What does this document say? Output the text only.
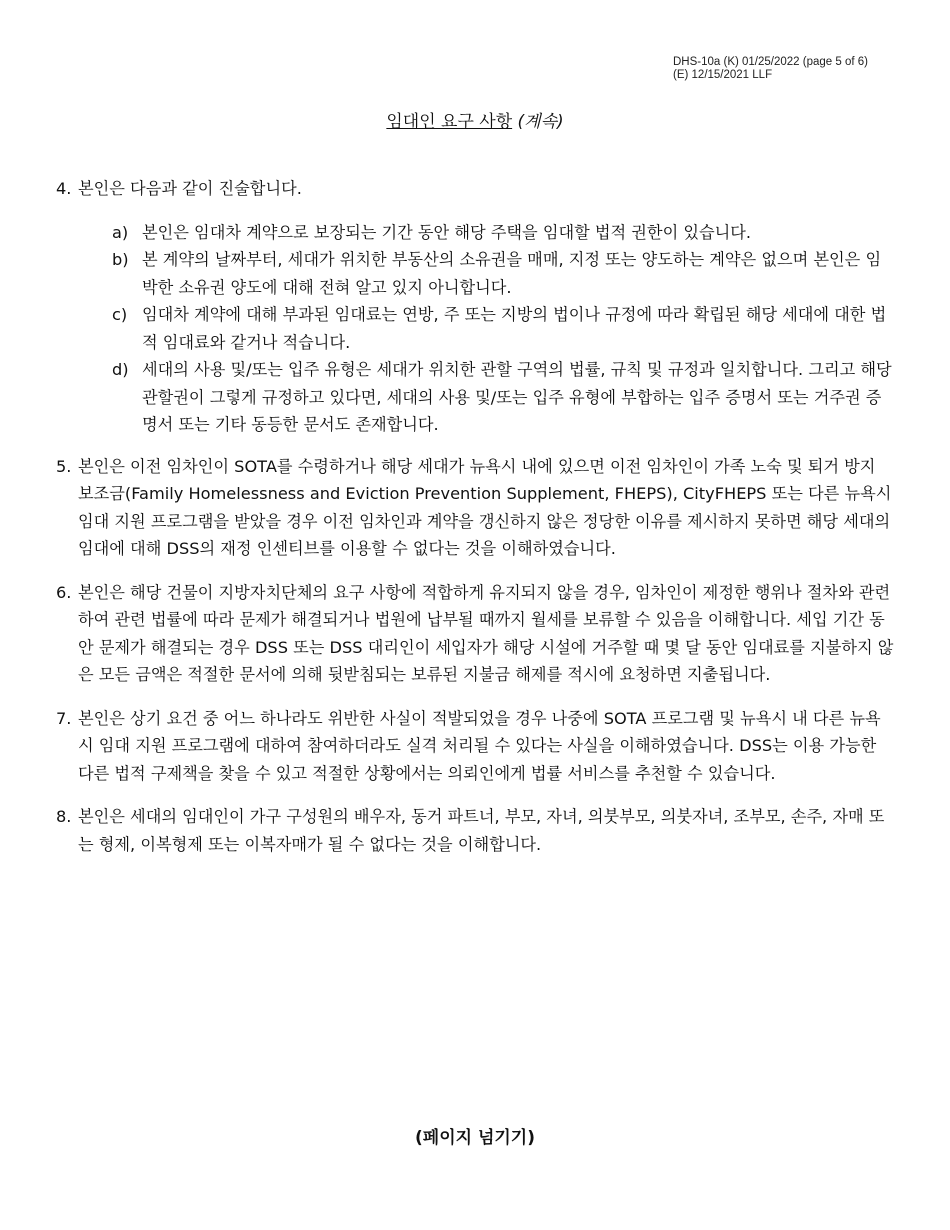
DHS-10a (K) 01/25/2022 (page 5 of 6)
(E) 12/15/2021 LLF
임대인 요구 사항 (계속)
4. 본인은 다음과 같이 진술합니다.
a) 본인은 임대차 계약으로 보장되는 기간 동안 해당 주택을 임대할 법적 권한이 있습니다.
b) 본 계약의 날짜부터, 세대가 위치한 부동산의 소유권을 매매, 지정 또는 양도하는 계약은 없으며 본인은 임박한 소유권 양도에 대해 전혀 알고 있지 아니합니다.
c) 임대차 계약에 대해 부과된 임대료는 연방, 주 또는 지방의 법이나 규정에 따라 확립된 해당 세대에 대한 법적 임대료와 같거나 적습니다.
d) 세대의 사용 및/또는 입주 유형은 세대가 위치한 관할 구역의 법률, 규칙 및 규정과 일치합니다. 그리고 해당 관할권이 그렇게 규정하고 있다면, 세대의 사용 및/또는 입주 유형에 부합하는 입주 증명서 또는 거주권 증명서 또는 기타 동등한 문서도 존재합니다.
5. 본인은 이전 임차인이 SOTA를 수령하거나 해당 세대가 뉴욕시 내에 있으면 이전 임차인이 가족 노숙 및 퇴거 방지 보조금(Family Homelessness and Eviction Prevention Supplement, FHEPS), CityFHEPS 또는 다른 뉴욕시 임대 지원 프로그램을 받았을 경우 이전 임차인과 계약을 갱신하지 않은 정당한 이유를 제시하지 못하면 해당 세대의 임대에 대해 DSS의 재정 인센티브를 이용할 수 없다는 것을 이해하였습니다.
6. 본인은 해당 건물이 지방자치단체의 요구 사항에 적합하게 유지되지 않을 경우, 임차인이 제정한 행위나 절차와 관련하여 관련 법률에 따라 문제가 해결되거나 법원에 납부될 때까지 월세를 보류할 수 있음을 이해합니다. 세입 기간 동안 문제가 해결되는 경우 DSS 또는 DSS 대리인이 세입자가 해당 시설에 거주할 때 몇 달 동안 임대료를 지불하지 않은 모든 금액은 적절한 문서에 의해 뒷받침되는 보류된 지불금 해제를 적시에 요청하면 지출됩니다.
7. 본인은 상기 요건 중 어느 하나라도 위반한 사실이 적발되었을 경우 나중에 SOTA 프로그램 및 뉴욕시 내 다른 뉴욕시 임대 지원 프로그램에 대하여 참여하더라도 실격 처리될 수 있다는 사실을 이해하였습니다. DSS는 이용 가능한 다른 법적 구제책을 찾을 수 있고 적절한 상황에서는 의뢰인에게 법률 서비스를 추천할 수 있습니다.
8. 본인은 세대의 임대인이 가구 구성원의 배우자, 동거 파트너, 부모, 자녀, 의붓부모, 의붓자녀, 조부모, 손주, 자매 또는 형제, 이복형제 또는 이복자매가 될 수 없다는 것을 이해합니다.
(페이지 넘기기)
